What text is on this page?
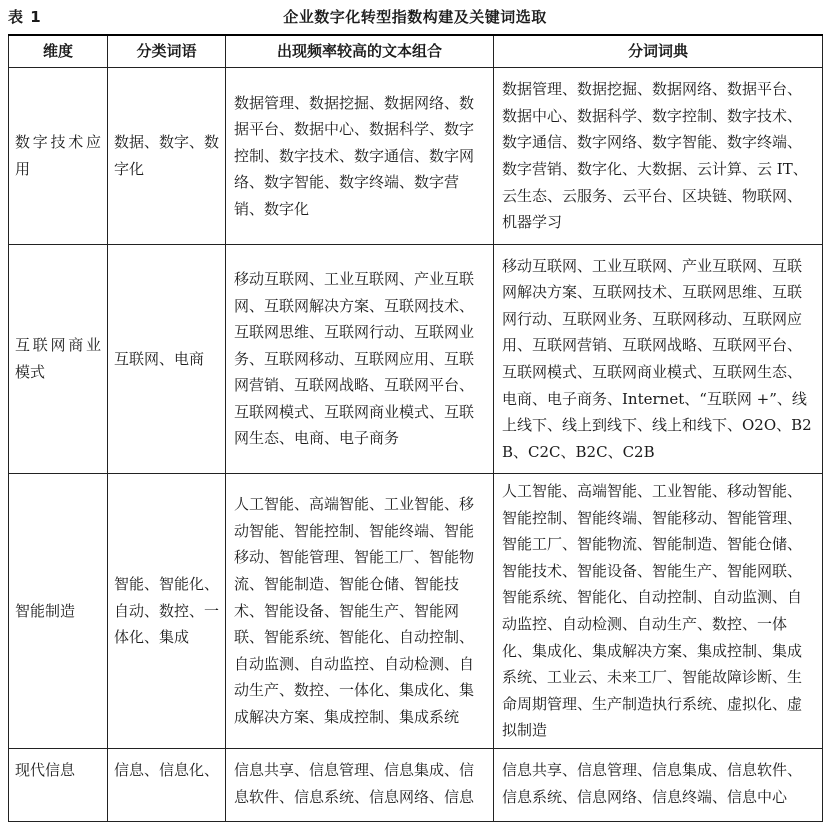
表 1	企业数字化转型指数构建及关键词选取
维度	分类词语	出现频率较高的文本组合	分词词典
数字技术应用	数据、数字、数字化	数据管理、数据挖掘、数据网络、数据平台、数据中心、数据科学、数字控制、数字技术、数字通信、数字网络、数字智能、数字终端、数字营销、数字化	数据管理、数据挖掘、数据网络、数据平台、数据中心、数据科学、数字控制、数字技术、数字通信、数字网络、数字智能、数字终端、数字营销、数字化、大数据、云计算、云 IT、云生态、云服务、云平台、区块链、物联网、机器学习
互联网商业模式	互联网、电商	移动互联网、工业互联网、产业互联网、互联网解决方案、互联网技术、互联网思维、互联网行动、互联网业务、互联网移动、互联网应用、互联网营销、互联网战略、互联网平台、互联网模式、互联网商业模式、互联网生态、电商、电子商务	移动互联网、工业互联网、产业互联网、互联网解决方案、互联网技术、互联网思维、互联网行动、互联网业务、互联网移动、互联网应用、互联网营销、互联网战略、互联网平台、互联网模式、互联网商业模式、互联网生态、电商、电子商务、Internet、“互联网 +”、线上线下、线上到线下、线上和线下、O2O、B2B、C2C、B2C、C2B
智能制造	智能、智能化、自动、数控、一体化、集成	人工智能、高端智能、工业智能、移动智能、智能控制、智能终端、智能移动、智能管理、智能工厂、智能物流、智能制造、智能仓储、智能技术、智能设备、智能生产、智能网联、智能系统、智能化、自动控制、自动监测、自动监控、自动检测、自动生产、数控、一体化、集成化、集成解决方案、集成控制、集成系统	人工智能、高端智能、工业智能、移动智能、智能控制、智能终端、智能移动、智能管理、智能工厂、智能物流、智能制造、智能仓储、智能技术、智能设备、智能生产、智能网联、智能系统、智能化、自动控制、自动监测、自动监控、自动检测、自动生产、数控、一体化、集成化、集成解决方案、集成控制、集成系统、工业云、未来工厂、智能故障诊断、生命周期管理、生产制造执行系统、虚拟化、虚拟制造
现代信息	信息、信息化、	信息共享、信息管理、信息集成、信息软件、信息系统、信息网络、信息	信息共享、信息管理、信息集成、信息软件、信息系统、信息网络、信息终端、信息中心
